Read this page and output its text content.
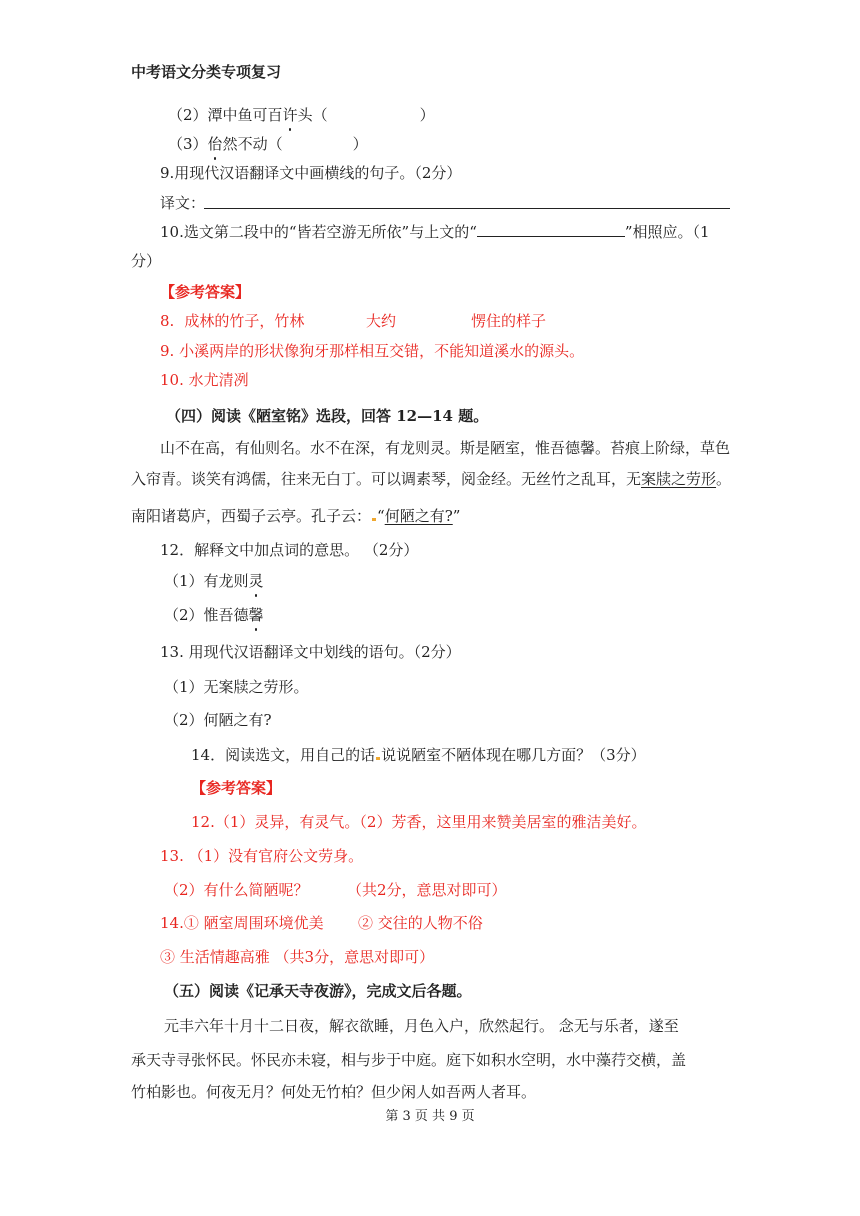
中考语文分类专项复习
（2）潭中鱼可百许头（	）
（3）佁然不动（	）
9.用现代汉语翻译文中画横线的句子。（2分）
译文：
10.选文第二段中的“皆若空游无所依”与上文的“	”相照应。（1
分）
【参考答案】
8. 成林的竹子，竹林	大约	愣住的样子
9. 小溪两岸的形状像狗牙那样相互交错，不能知道溪水的源头。
10. 水尤清冽
（四）阅读《陋室铭》选段，回答 12—14 题。
山不在高，有仙则名。水不在深，有龙则灵。斯是陋室，惟吾德馨。苔痕上阶绿，草色
入帘青。谈笑有鸿儒，往来无白丁。可以调素琴，阅金经。无丝竹之乱耳，无案牍之劳形。
南阳诸葛庐，西蜀子云亭。孔子云： “何陋之有?”
12．解释文中加点词的意思。 （2分）
（1）有龙则灵
（2）惟吾德馨
13. 用现代汉语翻译文中划线的语句。（2分）
（1）无案牍之劳形。
（2）何陋之有?
14．阅读选文，用自己的话 说说陋室不陋体现在哪几方面？（3分）
【参考答案】
12.（1）灵异，有灵气。（2）芳香，这里用来赞美居室的雅洁美好。
13. （1）没有官府公文劳身。
（2）有什么简陋呢？	（共2分，意思对即可）
14.① 陋室周围环境优美 ② 交往的人物不俗
③ 生活情趣高雅 （共3分，意思对即可）
（五）阅读《记承天寺夜游》，完成文后各题。
元丰六年十月十二日夜，解衣欲睡，月色入户，欣然起行。 念无与乐者，遂至
承天寺寻张怀民。怀民亦未寝，相与步于中庭。庭下如积水空明，水中藻荇交横，盖
竹柏影也。何夜无月？何处无竹柏？但少闲人如吾两人者耳。
第 3 页 共 9 页
